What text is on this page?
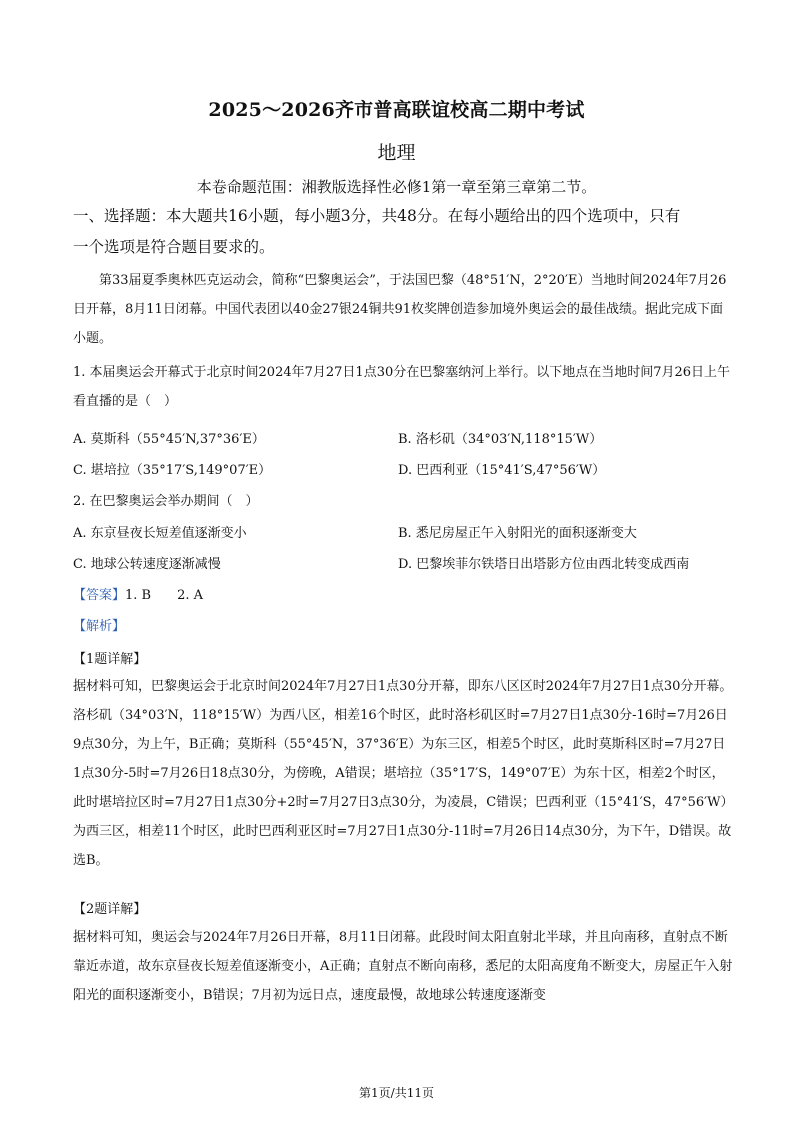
2025～2026齐市普高联谊校高二期中考试
地理
本卷命题范围：湘教版选择性必修1第一章至第三章第二节。
一、选择题：本大题共16小题，每小题3分，共48分。在每小题给出的四个选项中，只有
一个选项是符合题目要求的。
第33届夏季奥林匹克运动会，简称“巴黎奥运会”，于法国巴黎（48°51′N，2°20′E）当地时间2024年7月26日开幕，8月11日闭幕。中国代表团以40金27银24铜共91枚奖牌创造参加境外奥运会的最佳战绩。据此完成下面小题。
1. 本届奥运会开幕式于北京时间2024年7月27日1点30分在巴黎塞纳河上举行。以下地点在当地时间7月26日上午看直播的是（　）
A. 莫斯科（55°45′N,37°36′E）	B. 洛杉矶（34°03′N,118°15′W）
C. 堪培拉（35°17′S,149°07′E）	D. 巴西利亚（15°41′S,47°56′W）
2. 在巴黎奥运会举办期间（　）
A. 东京昼夜长短差值逐渐变小	B. 悉尼房屋正午入射阳光的面积逐渐变大
C. 地球公转速度逐渐减慢	D. 巴黎埃菲尔铁塔日出塔影方位由西北转变成西南
【答案】1. B　　2. A
【解析】
【1题详解】
据材料可知，巴黎奥运会于北京时间2024年7月27日1点30分开幕，即东八区区时2024年7月27日1点30分开幕。洛杉矶（34°03′N，118°15′W）为西八区，相差16个时区，此时洛杉矶区时=7月27日1点30分-16时=7月26日9点30分，为上午，B正确；莫斯科（55°45′N，37°36′E）为东三区，相差5个时区，此时莫斯科区时=7月27日1点30分-5时=7月26日18点30分，为傍晚，A错误；堪培拉（35°17′S，149°07′E）为东十区，相差2个时区，此时堪培拉区时=7月27日1点30分+2时=7月27日3点30分，为凌晨，C错误；巴西利亚（15°41′S，47°56′W）为西三区，相差11个时区，此时巴西利亚区时=7月27日1点30分-11时=7月26日14点30分，为下午，D错误。故选B。
【2题详解】
据材料可知，奥运会与2024年7月26日开幕，8月11日闭幕。此段时间太阳直射北半球，并且向南移，直射点不断靠近赤道，故东京昼夜长短差值逐渐变小，A正确；直射点不断向南移，悉尼的太阳高度角不断变大，房屋正午入射阳光的面积逐渐变小，B错误；7月初为远日点，速度最慢，故地球公转速度逐渐变
第1页/共11页
